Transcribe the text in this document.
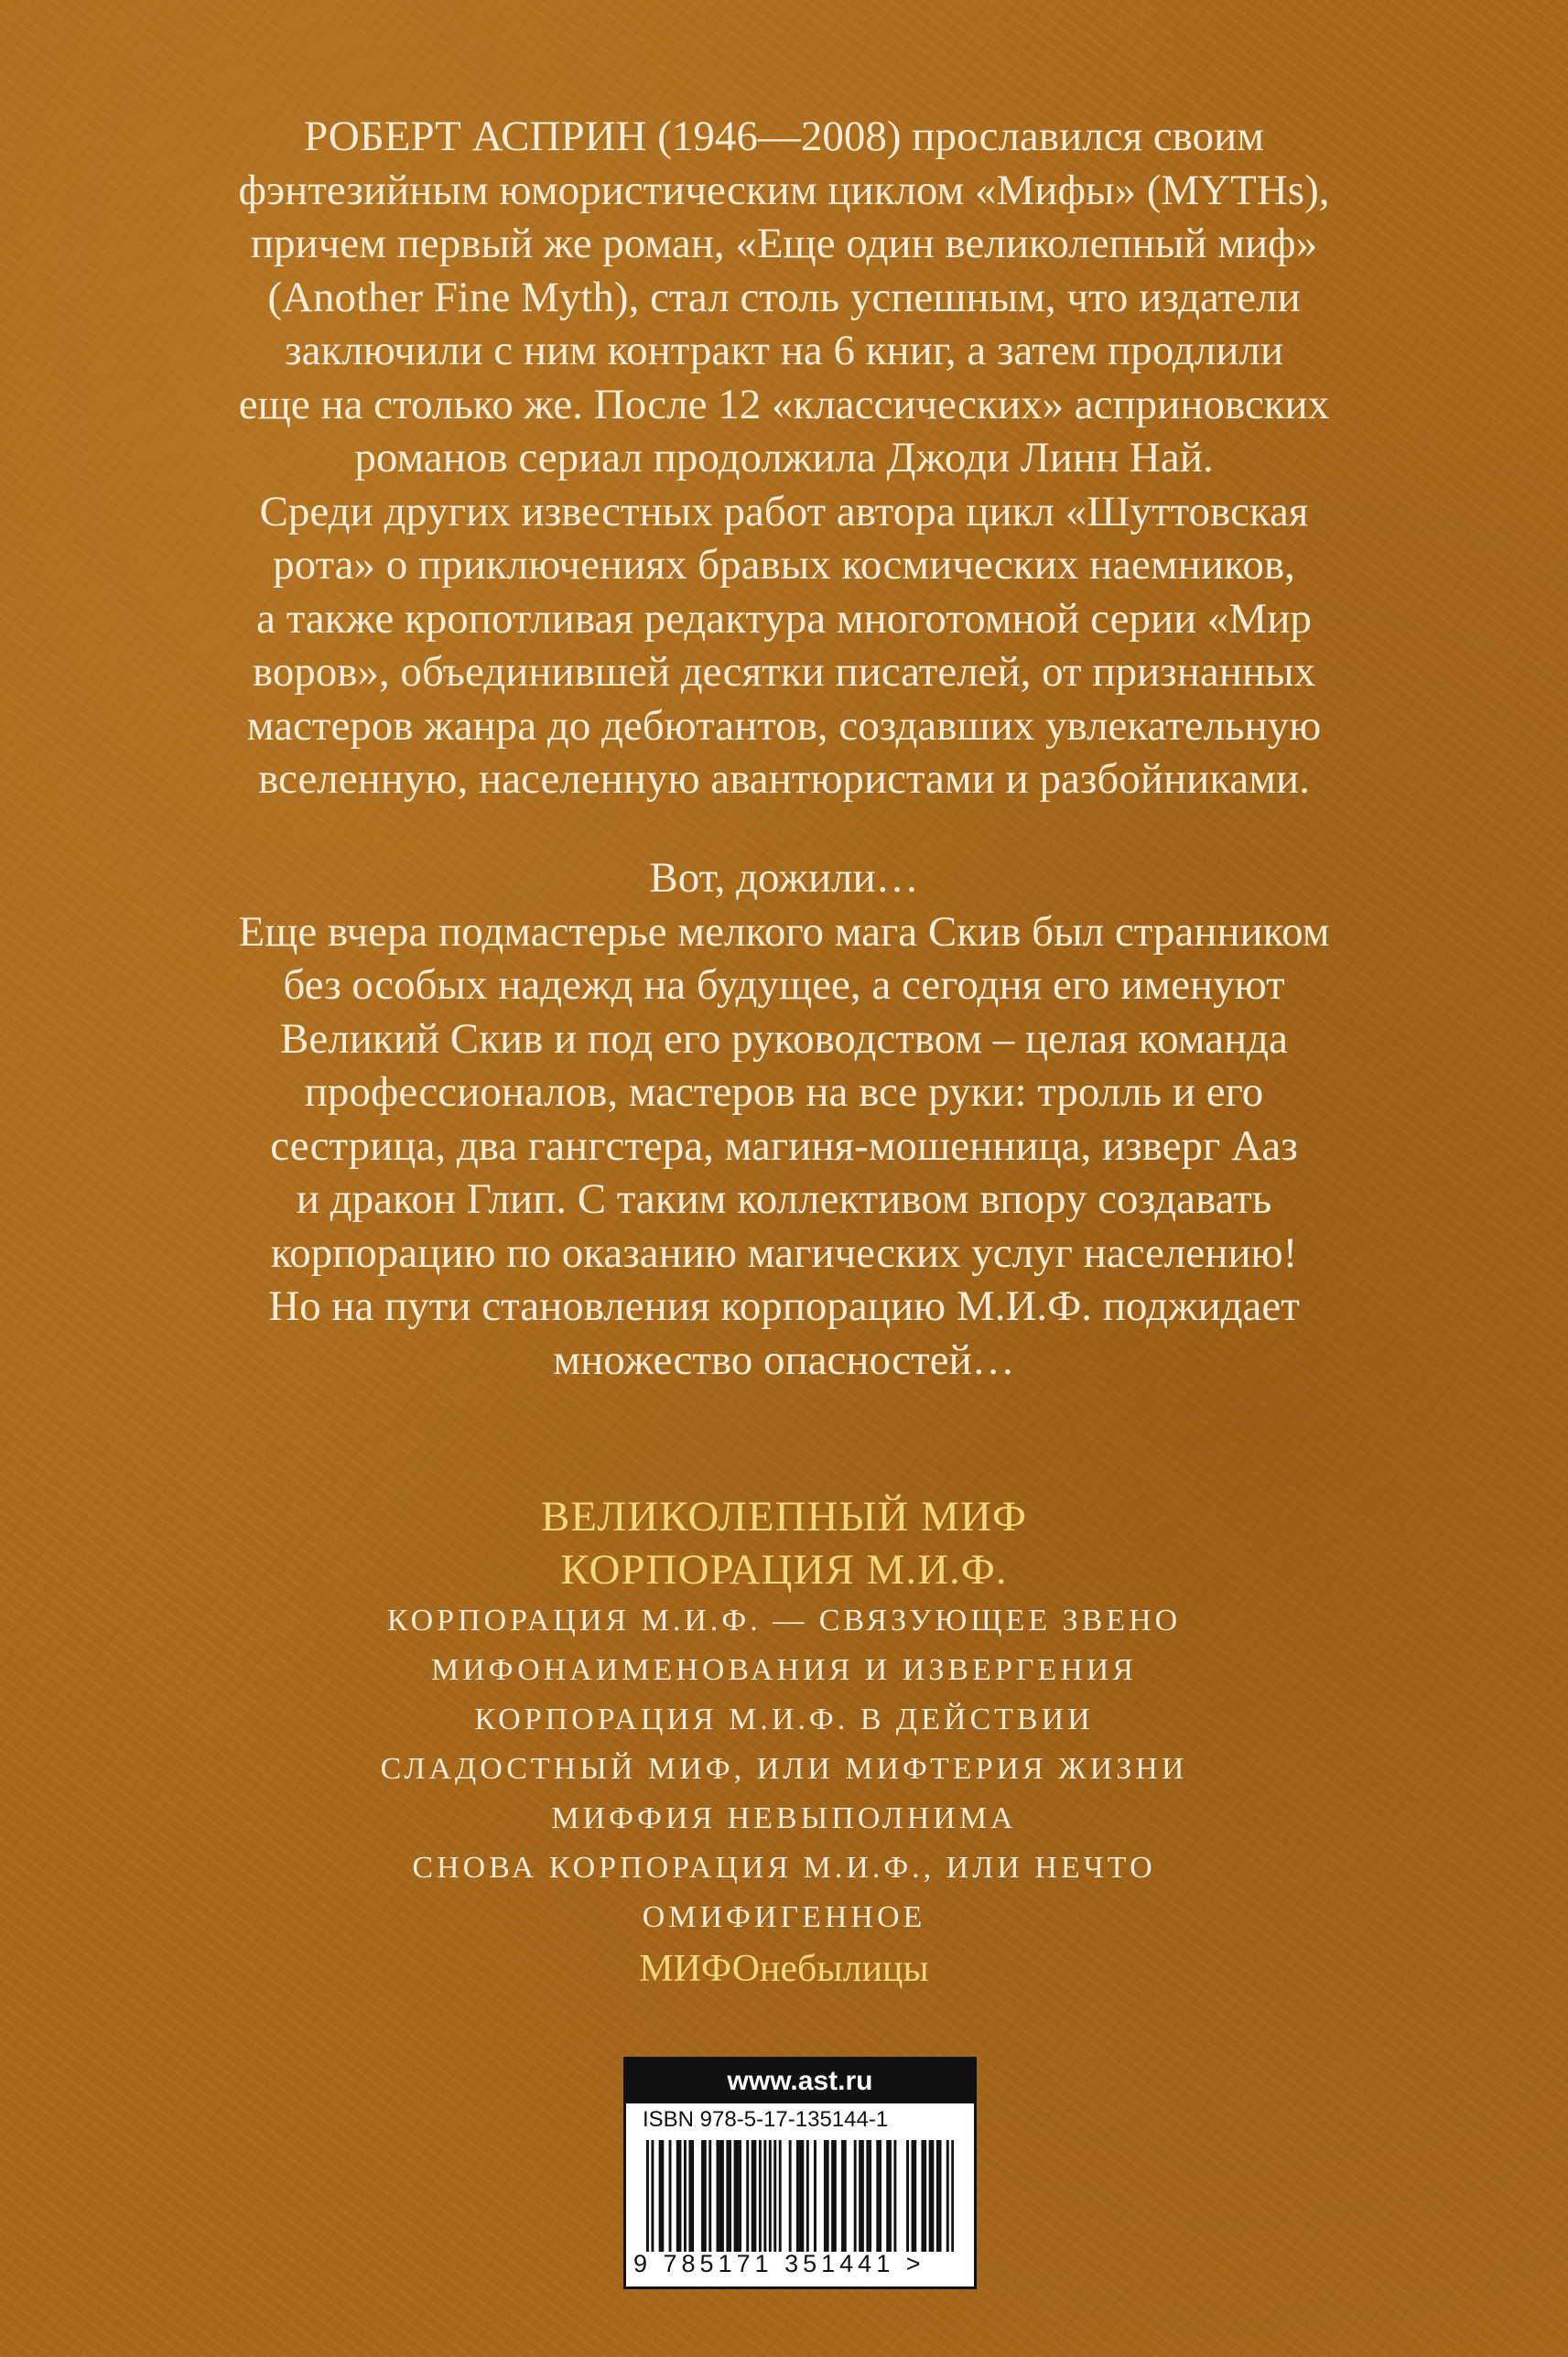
РОБЕРТ АСПРИН (1946—2008) прославился своим
фэнтезийным юмористическим циклом «Мифы» (MYTHs),
причем первый же роман, «Еще один великолепный миф»
(Another Fine Myth), стал столь успешным, что издатели
заключили с ним контракт на 6 книг, а затем продлили
еще на столько же. После 12 «классических» асприновских
романов сериал продолжила Джоди Линн Най.
Среди других известных работ автора цикл «Шуттовская
рота» о приключениях бравых космических наемников,
а также кропотливая редактура многотомной серии «Мир
воров», объединившей десятки писателей, от признанных
мастеров жанра до дебютантов, создавших увлекательную
вселенную, населенную авантюристами и разбойниками.
Вот, дожили…
Еще вчера подмастерье мелкого мага Скив был странником
без особых надежд на будущее, а сегодня его именуют
Великий Скив и под его руководством – целая команда
профессионалов, мастеров на все руки: тролль и его
сестрица, два гангстера, магиня-мошенница, изверг Ааз
и дракон Глип. С таким коллективом впору создавать
корпорацию по оказанию магических услуг населению!
Но на пути становления корпорацию М.И.Ф. поджидает
множество опасностей…
ВЕЛИКОЛЕПНЫЙ МИФ
КОРПОРАЦИЯ М.И.Ф.
КОРПОРАЦИЯ М.И.Ф. — СВЯЗУЮЩЕЕ ЗВЕНО
МИФОНАИМЕНОВАНИЯ И ИЗВЕРГЕНИЯ
КОРПОРАЦИЯ М.И.Ф. В ДЕЙСТВИИ
СЛАДОСТНЫЙ МИФ, ИЛИ МИФТЕРИЯ ЖИЗНИ
МИФФИЯ НЕВЫПОЛНИМА
СНОВА КОРПОРАЦИЯ М.И.Ф., ИЛИ НЕЧТО
ОМИФИГЕННОЕ
МИФОнебылицы
www.ast.ru
ISBN 978-5-17-135144-1
9 785171 351441 >
